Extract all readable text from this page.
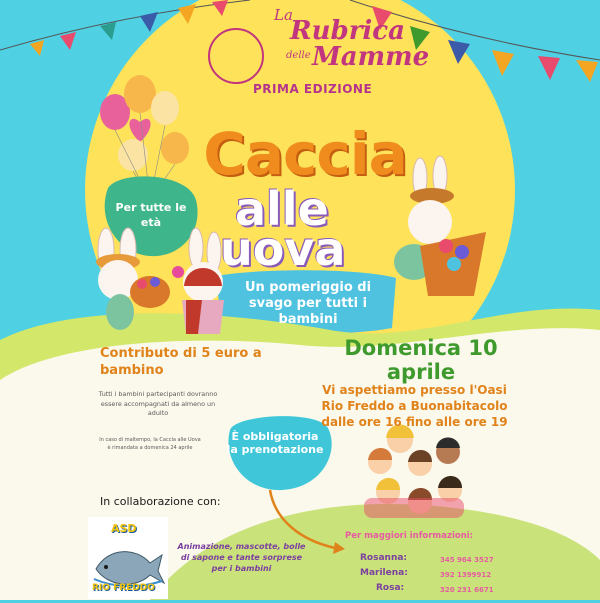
La
Rubrica
delle Mamme
PRIMA EDIZIONE
Caccia
alle
uova
Per tutte le età
Un pomeriggio di svago per tutti i bambini
Contributo di 5 euro a bambino
Tutti i bambini partecipanti dovranno essere accompagnati da almeno un adulto
In caso di maltempo, la Caccia alle Uova è rimandata a domenica 24 aprile
Domenica 10 aprile
Vi aspettiamo presso l'Oasi Rio Freddo a Buonabitacolo dalle ore 16 fino alle ore 19
È obbligatoria la prenotazione
In collaborazione con:
ASD
RIO FREDDO
Animazione, mascotte, bolle di sapone e tante sorprese per i bambini
Per maggiori informazioni:
Rosanna:	345 964 3527
Marilena:	392 1399912
Rosa:	320 231 6671
